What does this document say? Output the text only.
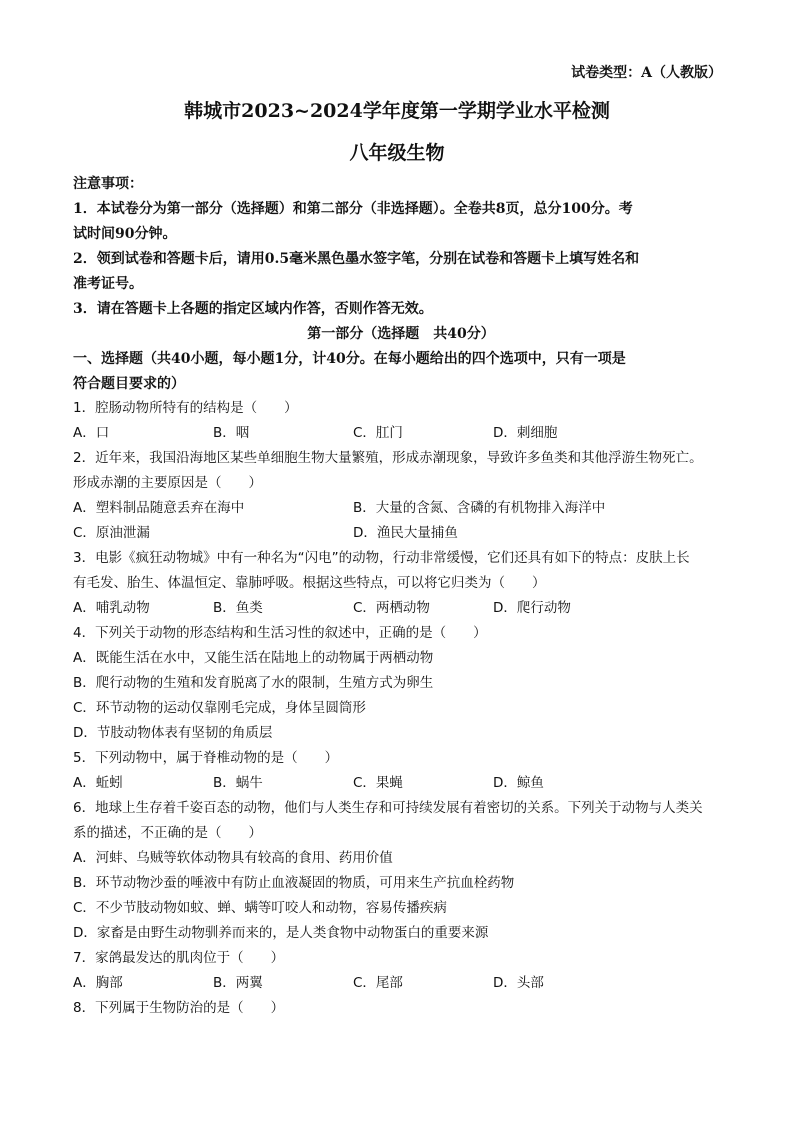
试卷类型：A（人教版）
韩城市2023~2024学年度第一学期学业水平检测
八年级生物

注意事项：

1．本试卷分为第一部分（选择题）和第二部分（非选择题）。全卷共8页，总分100分。考

试时间90分钟。

2．领到试卷和答题卡后，请用0.5毫米黑色墨水签字笔，分别在试卷和答题卡上填写姓名和

准考证号。

3．请在答题卡上各题的指定区域内作答，否则作答无效。

第一部分（选择题　共40分）
一、选择题（共40小题，每小题1分，计40分。在每小题给出的四个选项中，只有一项是
符合题目要求的）

1．腔肠动物所特有的结构是（　　）

A．口	B．咽	C．肛门	D．刺细胞

2．近年来，我国沿海地区某些单细胞生物大量繁殖，形成赤潮现象，导致许多鱼类和其他浮游生物死亡。

形成赤潮的主要原因是（　　）

A．塑料制品随意丢弃在海中	B．大量的含氮、含磷的有机物排入海洋中
C．原油泄漏	D．渔民大量捕鱼

3．电影《疯狂动物城》中有一种名为“闪电”的动物，行动非常缓慢，它们还具有如下的特点：皮肤上长

有毛发、胎生、体温恒定、靠肺呼吸。根据这些特点，可以将它归类为（　　）

A．哺乳动物	B．鱼类	C．两栖动物	D．爬行动物

4．下列关于动物的形态结构和生活习性的叙述中，正确的是（　　）

A．既能生活在水中，又能生活在陆地上的动物属于两栖动物

B．爬行动物的生殖和发育脱离了水的限制，生殖方式为卵生

C．环节动物的运动仅靠刚毛完成，身体呈圆筒形

D．节肢动物体表有坚韧的角质层

5．下列动物中，属于脊椎动物的是（　　）

A．蚯蚓	B．蜗牛	C．果蝇	D．鲸鱼

6．地球上生存着千姿百态的动物，他们与人类生存和可持续发展有着密切的关系。下列关于动物与人类关

系的描述，不正确的是（　　）

A．河蚌、乌贼等软体动物具有较高的食用、药用价值

B．环节动物沙蚕的唾液中有防止血液凝固的物质，可用来生产抗血栓药物

C．不少节肢动物如蚊、蝉、螨等叮咬人和动物，容易传播疾病

D．家畜是由野生动物驯养而来的，是人类食物中动物蛋白的重要来源

7．家鸽最发达的肌肉位于（　　）

A．胸部	B．两翼	C．尾部	D．头部

8．下列属于生物防治的是（　　）
